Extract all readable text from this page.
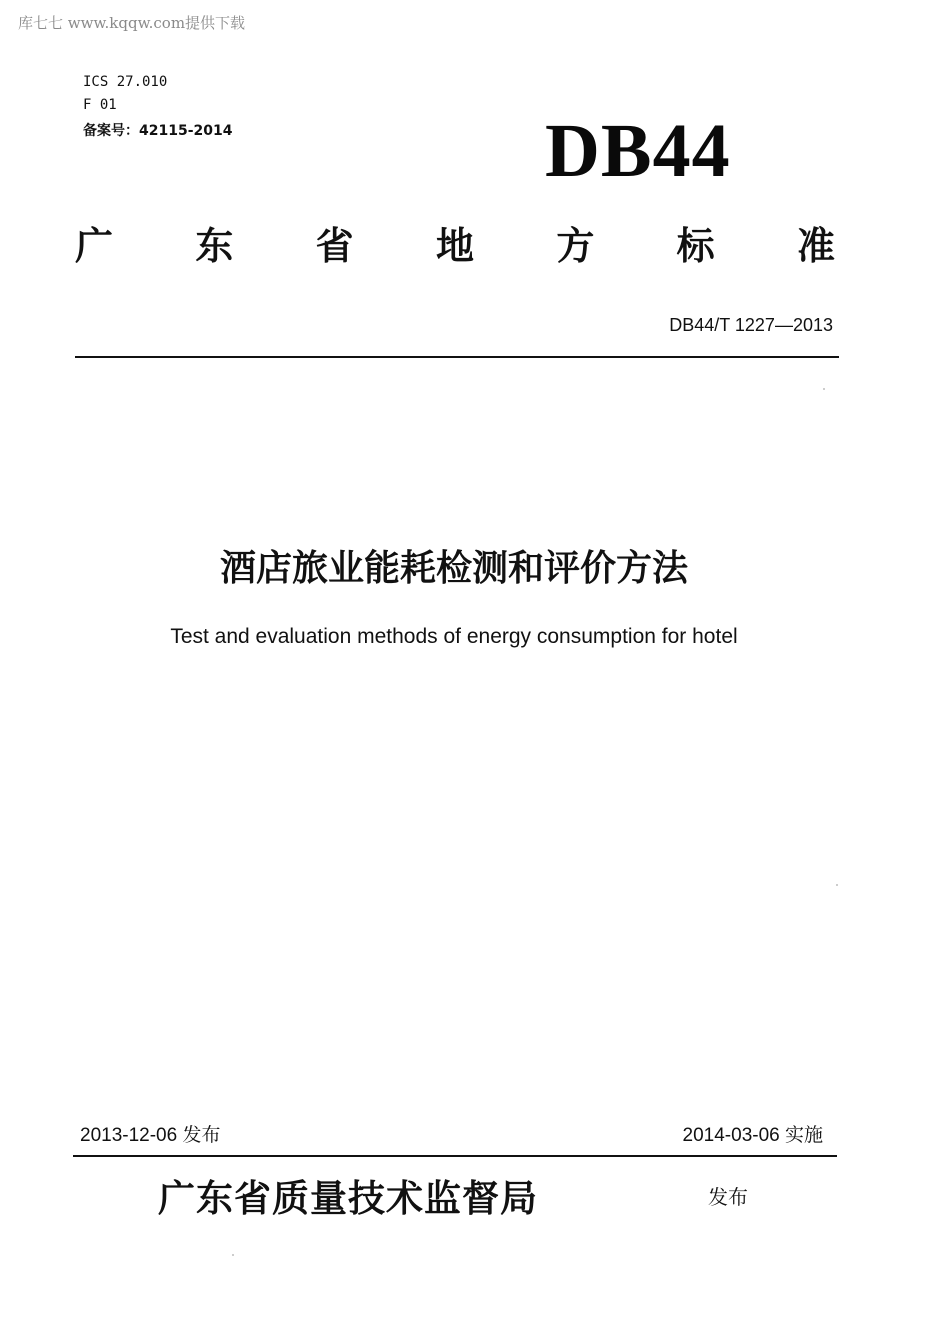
库七七 www.kqqw.com提供下载
ICS 27.010
F 01
备案号：42115-2014	DB44
广 东 省 地 方 标 准
DB44/T 1227—2013
酒店旅业能耗检测和评价方法
Test and evaluation methods of energy consumption for hotel
2013-12-06 发布	2014-03-06 实施
广东省质量技术监督局	发布
